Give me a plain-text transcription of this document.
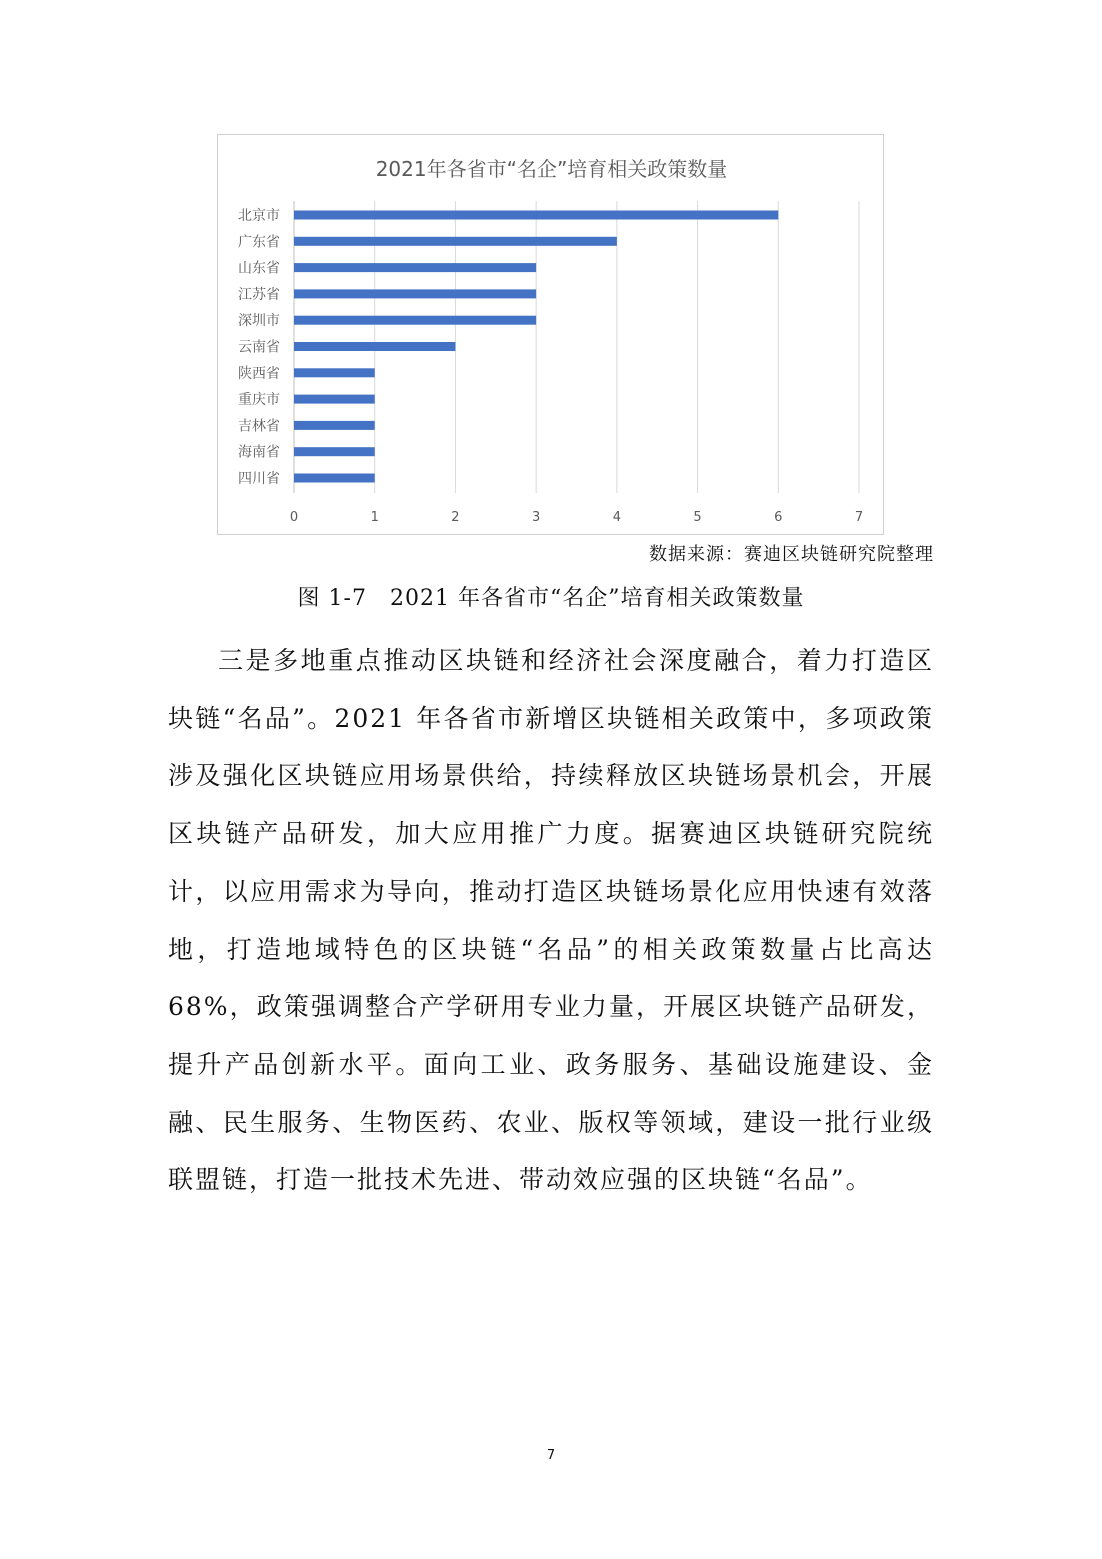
2021年各省市“名企”培育相关政策数量
0	1	2	3	4	5	6	7
北京市
广东省
山东省
江苏省
深圳市
云南省
陕西省
重庆市
吉林省
海南省
四川省
数据来源：赛迪区块链研究院整理
图 1-7　2021 年各省市“名企”培育相关政策数量

三是多地重点推动区块链和经济社会深度融合，着力打造区块链“名品”。2021 年各省市新增区块链相关政策中，多项政策涉及强化区块链应用场景供给，持续释放区块链场景机会，开展区块链产品研发，加大应用推广力度。据赛迪区块链研究院统计，以应用需求为导向，推动打造区块链场景化应用快速有效落地，打造地域特色的区块链“名品”的相关政策数量占比高达 68%，政策强调整合产学研用专业力量，开展区块链产品研发，提升产品创新水平。面向工业、政务服务、基础设施建设、金融、民生服务、生物医药、农业、版权等领域，建设一批行业级联盟链，打造一批技术先进、带动效应强的区块链“名品”。

7
